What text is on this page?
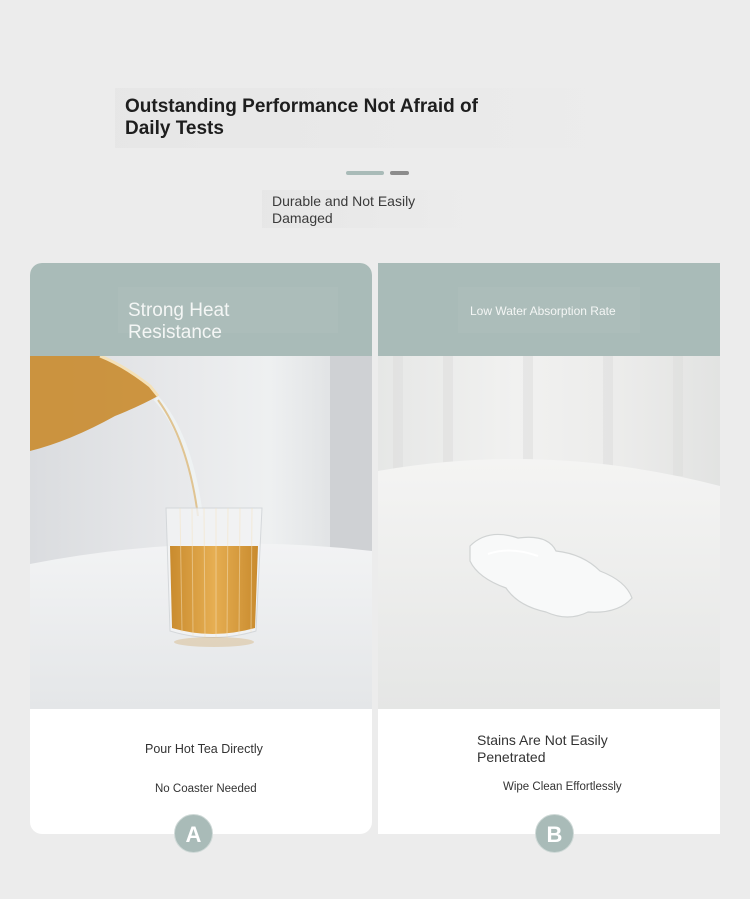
Outstanding Performance Not Afraid of Daily Tests

Durable and Not Easily Damaged

Strong Heat Resistance
Pour Hot Tea Directly
No Coaster Needed
Low Water Absorption Rate
Stains Are Not Easily Penetrated
Wipe Clean Effortlessly
A	B
